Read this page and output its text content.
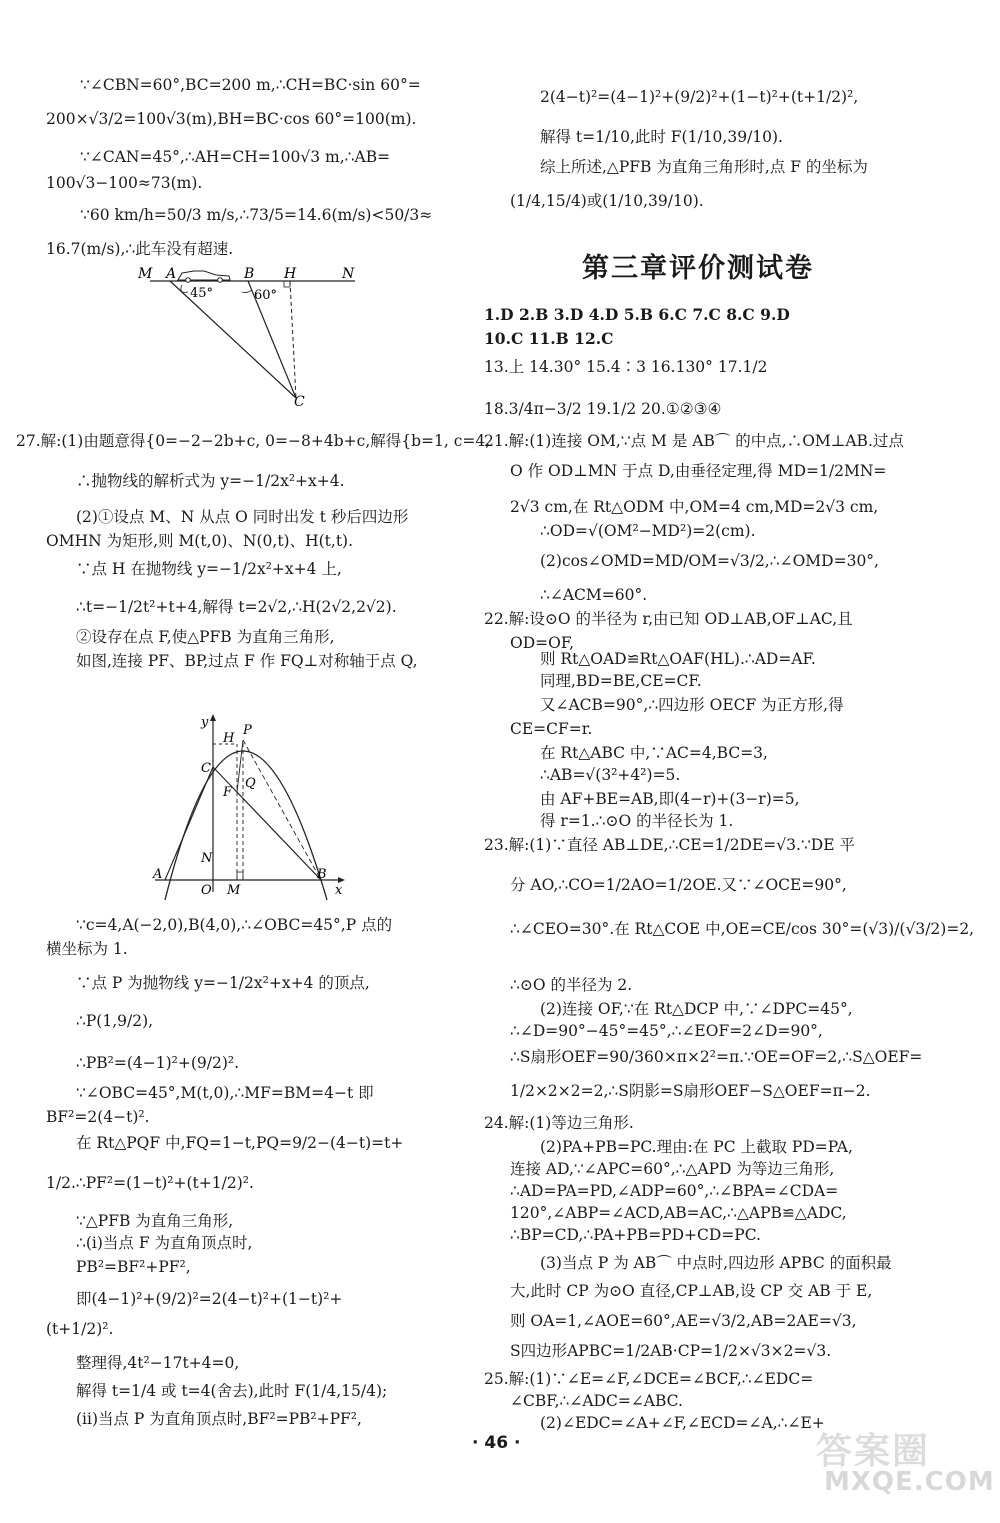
∵∠CBN=60°,BC=200 m,∴CH=BC·sin 60°=
200×√3/2=100√3(m),BH=BC·cos 60°=100(m).
∵∠CAN=45°,∴AH=CH=100√3 m,∴AB=
100√3−100≈73(m).
∵60 km/h=50/3 m/s,∴73/5=14.6(m/s)<50/3≈
16.7(m/s),∴此车没有超速.
M A	B H	N
45°	60°
C
27.解:(1)由题意得{0=−2−2b+c, 0=−8+4b+c,解得{b=1, c=4,
∴抛物线的解析式为 y=−1/2x²+x+4.
(2)①设点 M、N 从点 O 同时出发 t 秒后四边形
OMHN 为矩形,则 M(t,0)、N(0,t)、H(t,t).
∵点 H 在抛物线 y=−1/2x²+x+4 上,
∴t=−1/2t²+t+4,解得 t=2√2,∴H(2√2,2√2).
②设存在点 F,使△PFB 为直角三角形,
如图,连接 PF、BP,过点 F 作 FQ⊥对称轴于点 Q,
y
H
P
C
F
Q
N
A
O M
B
x
∵c=4,A(−2,0),B(4,0),∴∠OBC=45°,P 点的
横坐标为 1.
∵点 P 为抛物线 y=−1/2x²+x+4 的顶点,
∴P(1,9/2),
∴PB²=(4−1)²+(9/2)².
∵∠OBC=45°,M(t,0),∴MF=BM=4−t 即
BF²=2(4−t)².
在 Rt△PQF 中,FQ=1−t,PQ=9/2−(4−t)=t+
1/2.∴PF²=(1−t)²+(t+1/2)².
∵△PFB 为直角三角形,
∴(ⅰ)当点 F 为直角顶点时,
PB²=BF²+PF²,
即(4−1)²+(9/2)²=2(4−t)²+(1−t)²+
(t+1/2)².
整理得,4t²−17t+4=0,
解得 t=1/4 或 t=4(舍去),此时 F(1/4,15/4);
(ⅱ)当点 P 为直角顶点时,BF²=PB²+PF²,
2(4−t)²=(4−1)²+(9/2)²+(1−t)²+(t+1/2)²,
解得 t=1/10,此时 F(1/10,39/10).
综上所述,△PFB 为直角三角形时,点 F 的坐标为
(1/4,15/4)或(1/10,39/10).
第三章评价测试卷
1.D 2.B 3.D 4.D 5.B 6.C 7.C 8.C 9.D
10.C 11.B 12.C
13.上 14.30° 15.4∶3 16.130° 17.1/2
18.3/4π−3/2 19.1/2 20.①②③④
21.解:(1)连接 OM,∵点 M 是 AB⌒ 的中点,∴OM⊥AB.过点
O 作 OD⊥MN 于点 D,由垂径定理,得 MD=1/2MN=
2√3 cm,在 Rt△ODM 中,OM=4 cm,MD=2√3 cm,
∴OD=√(OM²−MD²)=2(cm).
(2)cos∠OMD=MD/OM=√3/2,∴∠OMD=30°,
∴∠ACM=60°.
22.解:设⊙O 的半径为 r,由已知 OD⊥AB,OF⊥AC,且
OD=OF,
则 Rt△OAD≌Rt△OAF(HL).∴AD=AF.
同理,BD=BE,CE=CF.
又∠ACB=90°,∴四边形 OECF 为正方形,得
CE=CF=r.
在 Rt△ABC 中,∵AC=4,BC=3,
∴AB=√(3²+4²)=5.
由 AF+BE=AB,即(4−r)+(3−r)=5,
得 r=1.∴⊙O 的半径长为 1.
23.解:(1)∵直径 AB⊥DE,∴CE=1/2DE=√3.∵DE 平
分 AO,∴CO=1/2AO=1/2OE.又∵∠OCE=90°,
∴∠CEO=30°.在 Rt△COE 中,OE=CE/cos 30°=(√3)/(√3/2)=2,
∴⊙O 的半径为 2.
(2)连接 OF,∵在 Rt△DCP 中,∵∠DPC=45°,
∴∠D=90°−45°=45°,∴∠EOF=2∠D=90°,
∴S扇形OEF=90/360×π×2²=π.∵OE=OF=2,∴S△OEF=
1/2×2×2=2,∴S阴影=S扇形OEF−S△OEF=π−2.
24.解:(1)等边三角形.
(2)PA+PB=PC.理由:在 PC 上截取 PD=PA,
连接 AD,∵∠APC=60°,∴△APD 为等边三角形,
∴AD=PA=PD,∠ADP=60°,∴∠BPA=∠CDA=
120°,∠ABP=∠ACD,AB=AC,∴△APB≌△ADC,
∴BP=CD,∴PA+PB=PD+CD=PC.
(3)当点 P 为 AB⌒ 中点时,四边形 APBC 的面积最
大,此时 CP 为⊙O 直径,CP⊥AB,设 CP 交 AB 于 E,
则 OA=1,∠AOE=60°,AE=√3/2,AB=2AE=√3,
S四边形APBC=1/2AB·CP=1/2×√3×2=√3.
25.解:(1)∵∠E=∠F,∠DCE=∠BCF,∴∠EDC=
∠CBF,∴∠ADC=∠ABC.
(2)∠EDC=∠A+∠F,∠ECD=∠A,∴∠E+
· 46 ·	答案圈
MXQE.COM
